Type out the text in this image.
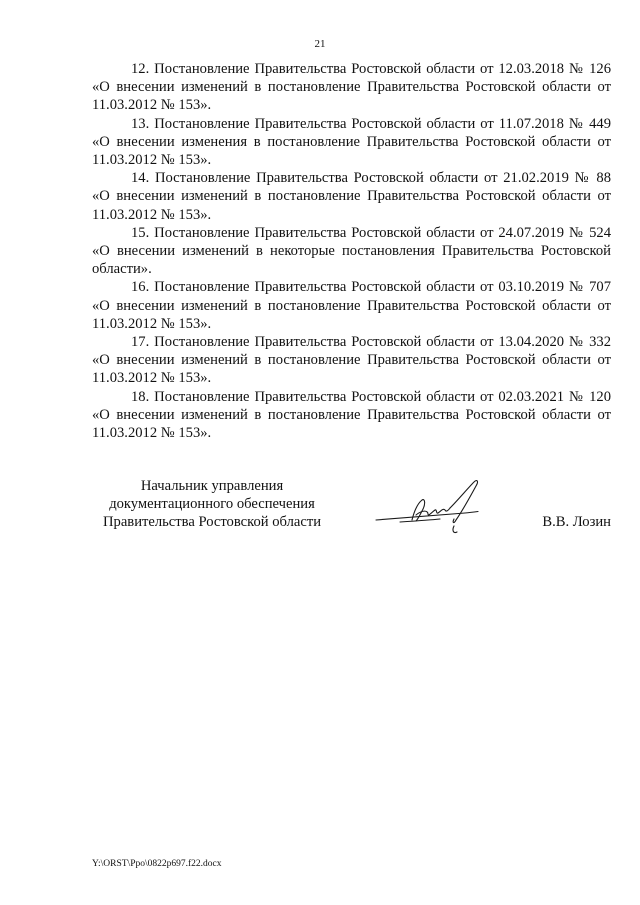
21

12. Постановление Правительства Ростовской области от 12.03.2018 № 126 «О внесении изменений в постановление Правительства Ростовской области от 11.03.2012 № 153».

13. Постановление Правительства Ростовской области от 11.07.2018 № 449 «О внесении изменения в постановление Правительства Ростовской области от 11.03.2012 № 153».

14. Постановление Правительства Ростовской области от 21.02.2019 № 88 «О внесении изменений в постановление Правительства Ростовской области от 11.03.2012 № 153».

15. Постановление Правительства Ростовской области от 24.07.2019 № 524 «О внесении изменений в некоторые постановления Правительства Ростовской области».

16. Постановление Правительства Ростовской области от 03.10.2019 № 707 «О внесении изменений в постановление Правительства Ростовской области от 11.03.2012 № 153».

17. Постановление Правительства Ростовской области от 13.04.2020 № 332 «О внесении изменений в постановление Правительства Ростовской области от 11.03.2012 № 153».

18. Постановление Правительства Ростовской области от 02.03.2021 № 120 «О внесении изменений в постановление Правительства Ростовской области от 11.03.2012 № 153».

Начальник управления
документационного обеспечения
Правительства Ростовской области	В.В. Лозин
Y:\ORST\Ppo\0822p697.f22.docx
